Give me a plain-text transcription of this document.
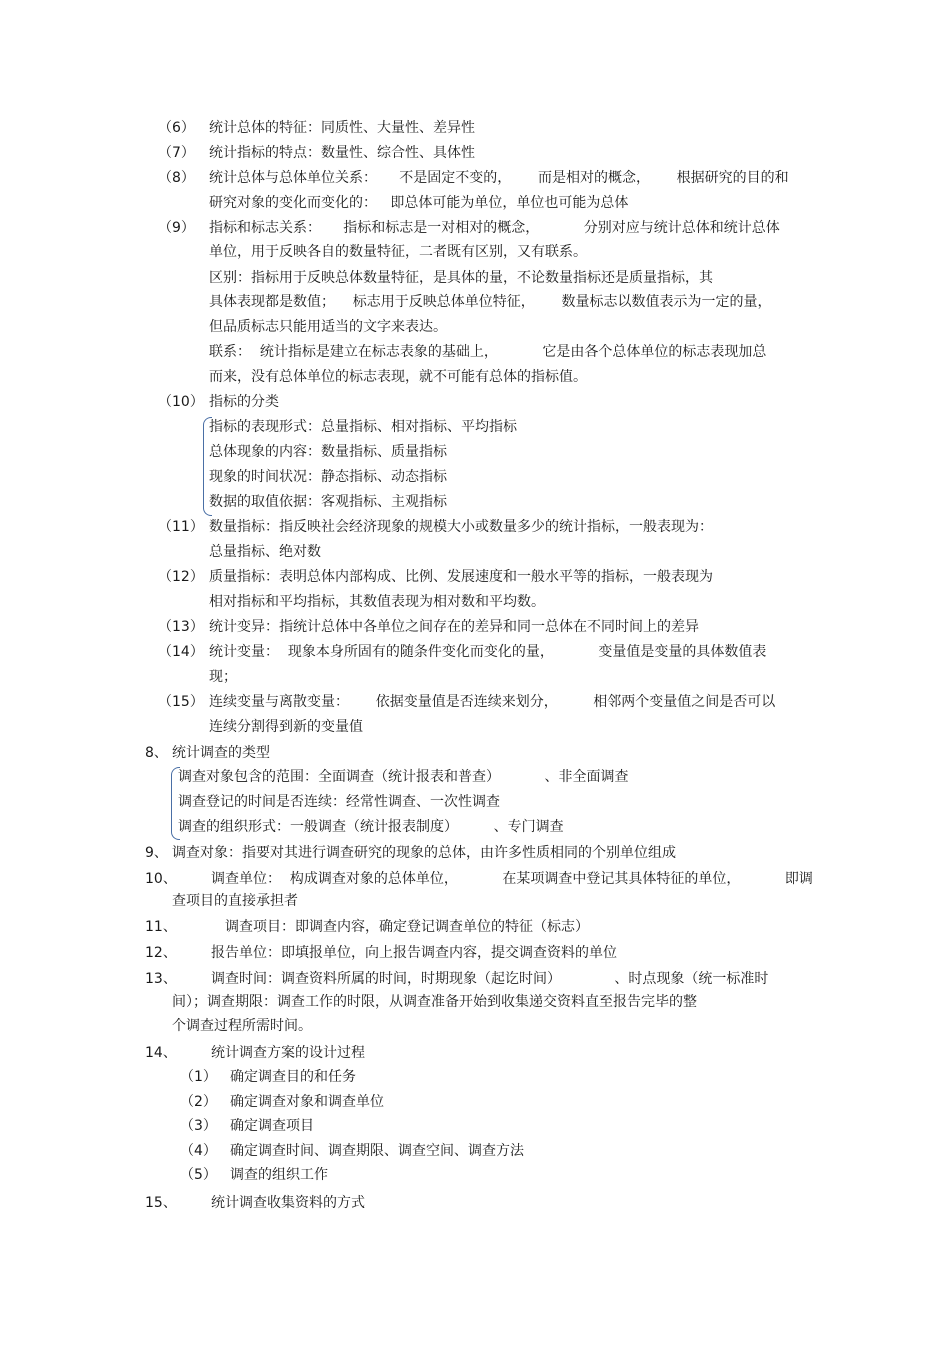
（6） 统计总体的特征：同质性、大量性、差异性
（7） 统计指标的特点：数量性、综合性、具体性
（8） 统计总体与总体单位关系：     不是固定不变的，      而是相对的概念，      根据研究的目的和
研究对象的变化而变化的：   即总体可能为单位，单位也可能为总体
（9） 指标和标志关系：     指标和标志是一对相对的概念，          分别对应与统计总体和统计总体
单位，用于反映各自的数量特征，二者既有区别，又有联系。
区别：指标用于反映总体数量特征，是具体的量，不论数量指标还是质量指标，其
具体表现都是数值；    标志用于反映总体单位特征，      数量标志以数值表示为一定的量，
但品质标志只能用适当的文字来表达。
联系：  统计指标是建立在标志表象的基础上，          它是由各个总体单位的标志表现加总
而来，没有总体单位的标志表现，就不可能有总体的指标值。
（10） 指标的分类
指标的表现形式：总量指标、相对指标、平均指标
总体现象的内容：数量指标、质量指标
现象的时间状况：静态指标、动态指标
数据的取值依据：客观指标、主观指标
（11） 数量指标：指反映社会经济现象的规模大小或数量多少的统计指标，一般表现为：
总量指标、绝对数
（12） 质量指标：表明总体内部构成、比例、发展速度和一般水平等的指标，一般表现为
相对指标和平均指标，其数值表现为相对数和平均数。
（13） 统计变异：指统计总体中各单位之间存在的差异和同一总体在不同时间上的差异
（14） 统计变量：  现象本身所固有的随条件变化而变化的量，          变量值是变量的具体数值表
现；
（15） 连续变量与离散变量：      依据变量值是否连续来划分，        相邻两个变量值之间是否可以
连续分割得到新的变量值
8、 统计调查的类型
调查对象包含的范围：全面调查（统计报表和普查）          、非全面调查
调查登记的时间是否连续：经常性调查、一次性调查
调查的组织形式：一般调查（统计报表制度）        、专门调查
9、 调查对象：指要对其进行调查研究的现象的总体，由许多性质相同的个别单位组成
10、 调查单位：  构成调查对象的总体单位，          在某项调查中登记其具体特征的单位，          即调
查项目的直接承担者
11、	调查项目：即调查内容，确定登记调查单位的特征（标志）
12、 报告单位：即填报单位，向上报告调查内容，提交调查资料的单位
13、 调查时间：调查资料所属的时间，时期现象（起讫时间）            、时点现象（统一标准时
间）；调查期限：调查工作的时限，从调查准备开始到收集递交资料直至报告完毕的整
个调查过程所需时间。
14、 统计调查方案的设计过程
（1） 确定调查目的和任务
（2） 确定调查对象和调查单位
（3） 确定调查项目
（4） 确定调查时间、调查期限、调查空间、调查方法
（5） 调查的组织工作
15、 统计调查收集资料的方式
